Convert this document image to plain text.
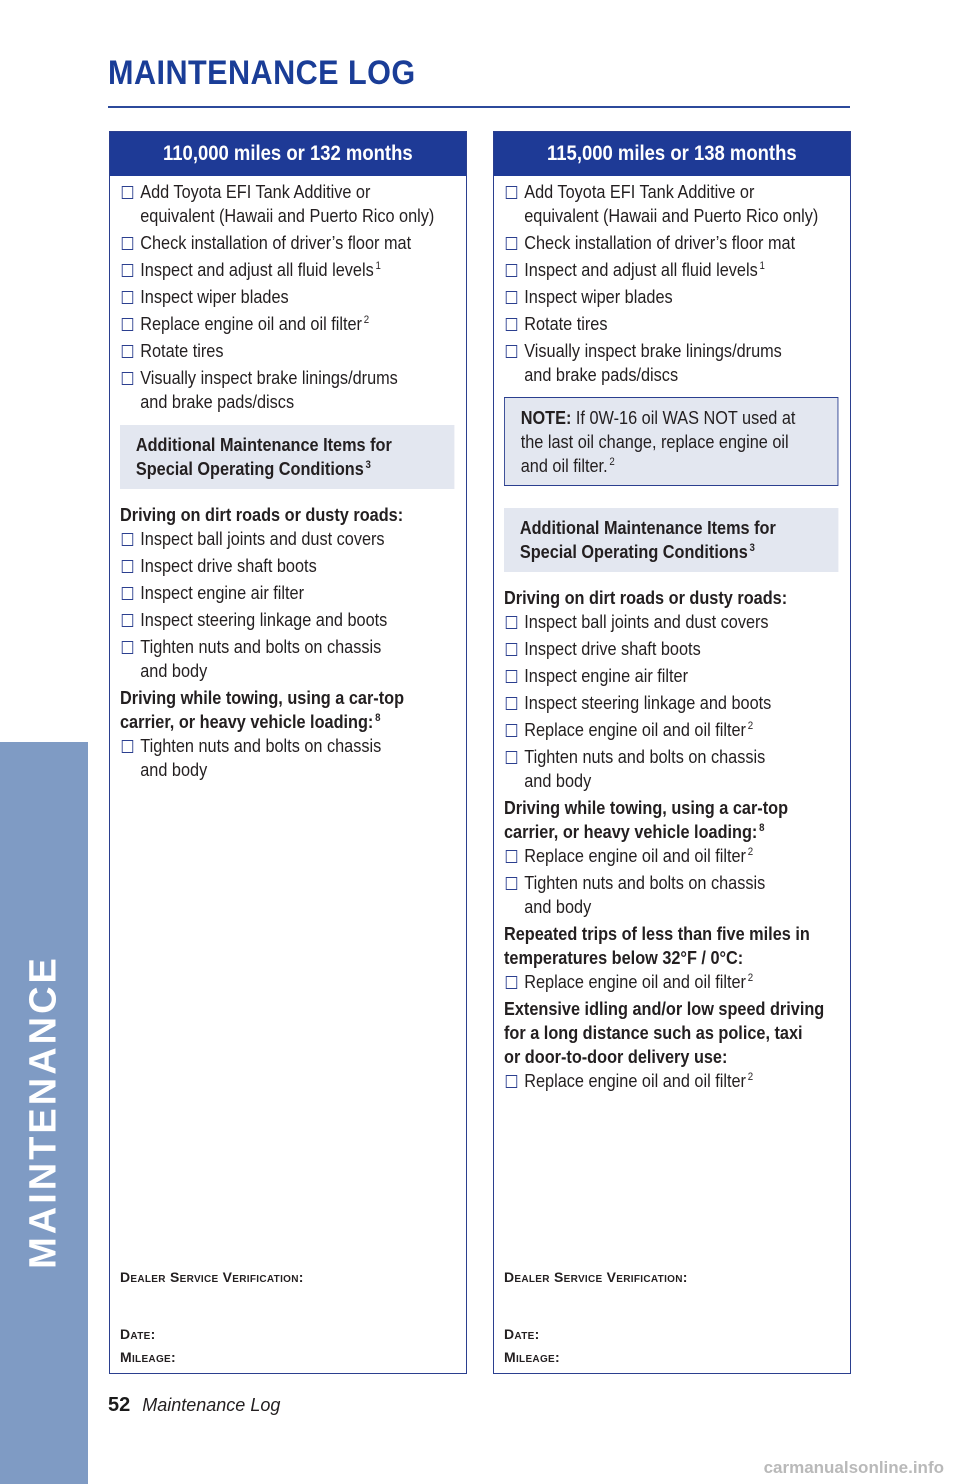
MAINTENANCE
MAINTENANCE LOG
110,000 miles or 132 months
Add Toyota EFI Tank Additive or
equivalent (Hawaii and Puerto Rico only)
Check installation of driver’s floor mat
Inspect and adjust all fluid levels $^1$
Inspect wiper blades
Replace engine oil and oil filter $^2$
Rotate tires
Visually inspect brake linings/drums
and brake pads/discs
Additional Maintenance Items for
Special Operating Conditions $^3$
Driving on dirt roads or dusty roads:
Inspect ball joints and dust covers
Inspect drive shaft boots
Inspect engine air filter
Inspect steering linkage and boots
Tighten nuts and bolts on chassis
and body
Driving while towing, using a car-top
carrier, or heavy vehicle loading: $^8$
Tighten nuts and bolts on chassis
and body
Dealer Service Verification:
Date:
Mileage:
115,000 miles or 138 months
Add Toyota EFI Tank Additive or
equivalent (Hawaii and Puerto Rico only)
Check installation of driver’s floor mat
Inspect and adjust all fluid levels $^1$
Inspect wiper blades
Rotate tires
Visually inspect brake linings/drums
and brake pads/discs
NOTE: If 0W-16 oil WAS NOT used at
the last oil change, replace engine oil
and oil filter. $^2$
Additional Maintenance Items for
Special Operating Conditions $^3$
Driving on dirt roads or dusty roads:
Inspect ball joints and dust covers
Inspect drive shaft boots
Inspect engine air filter
Inspect steering linkage and boots
Replace engine oil and oil filter $^2$
Tighten nuts and bolts on chassis
and body
Driving while towing, using a car-top
carrier, or heavy vehicle loading: $^8$
Replace engine oil and oil filter $^2$
Tighten nuts and bolts on chassis
and body
Repeated trips of less than five miles in
temperatures below 32°F / 0°C:
Replace engine oil and oil filter $^2$
Extensive idling and/or low speed driving
for a long distance such as police, taxi
or door-to-door delivery use:
Replace engine oil and oil filter $^2$
Dealer Service Verification:
Date:
Mileage:
52 Maintenance Log
carmanualsonline.info
